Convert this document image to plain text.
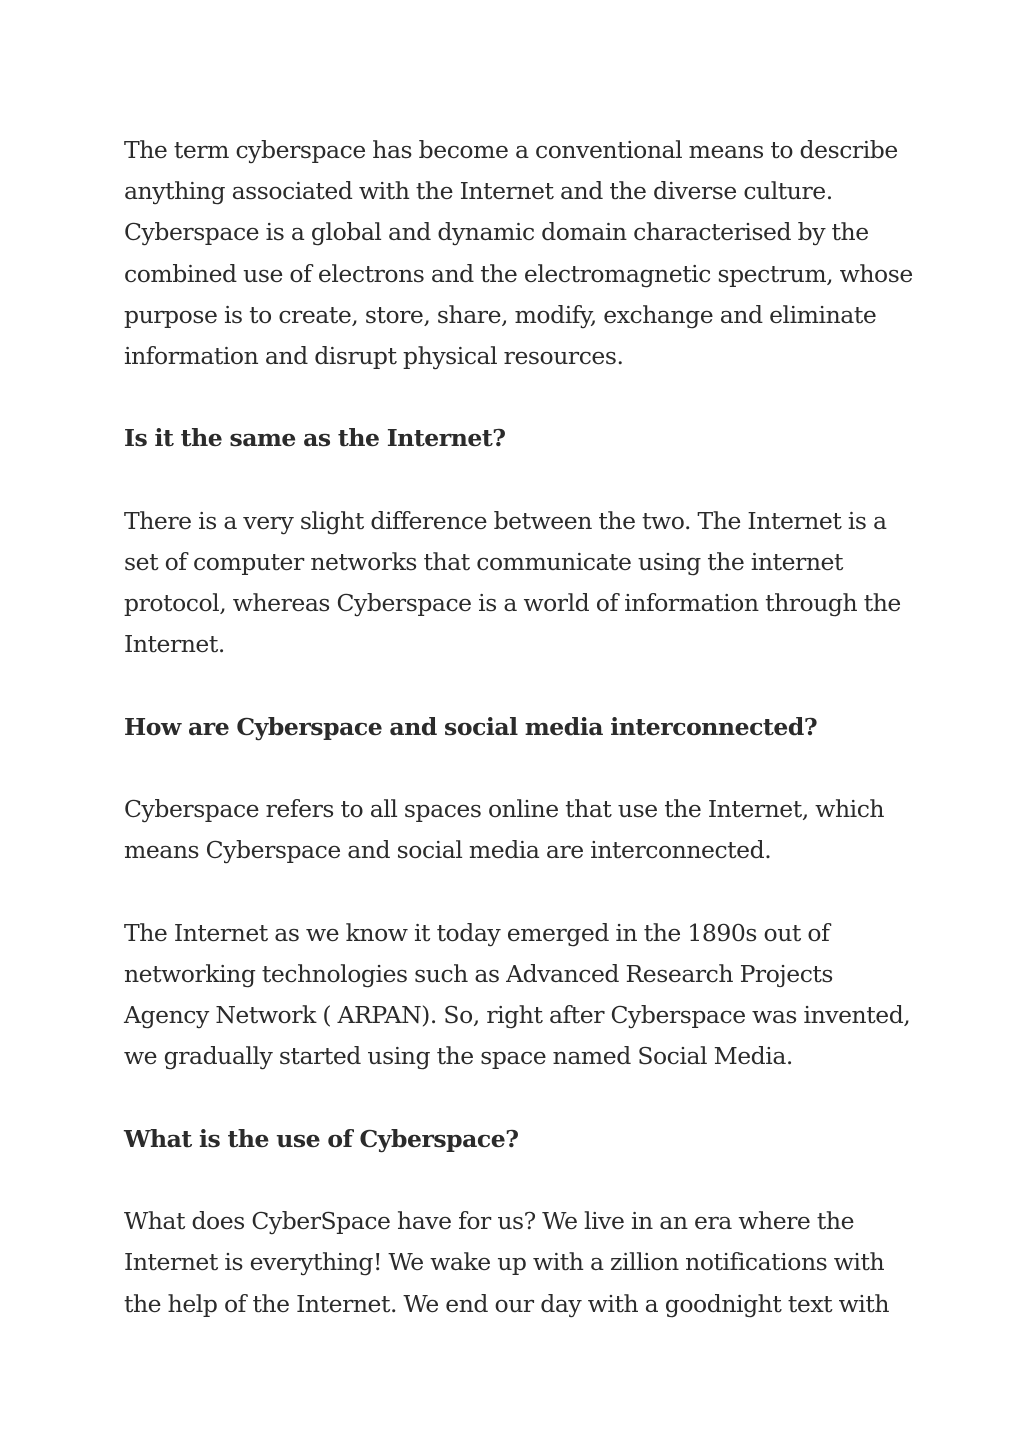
The term cyberspace has become a conventional means to describe
anything associated with the Internet and the diverse culture.
Cyberspace is a global and dynamic domain characterised by the
combined use of electrons and the electromagnetic spectrum, whose
purpose is to create, store, share, modify, exchange and eliminate
information and disrupt physical resources.
Is it the same as the Internet?
There is a very slight difference between the two. The Internet is a
set of computer networks that communicate using the internet
protocol, whereas Cyberspace is a world of information through the
Internet.
How are Cyberspace and social media interconnected?
Cyberspace refers to all spaces online that use the Internet, which
means Cyberspace and social media are interconnected.
The Internet as we know it today emerged in the 1890s out of
networking technologies such as Advanced Research Projects
Agency Network ( ARPAN). So, right after Cyberspace was invented,
we gradually started using the space named Social Media.
What is the use of Cyberspace?
What does CyberSpace have for us? We live in an era where the
Internet is everything! We wake up with a zillion notifications with
the help of the Internet. We end our day with a goodnight text with
